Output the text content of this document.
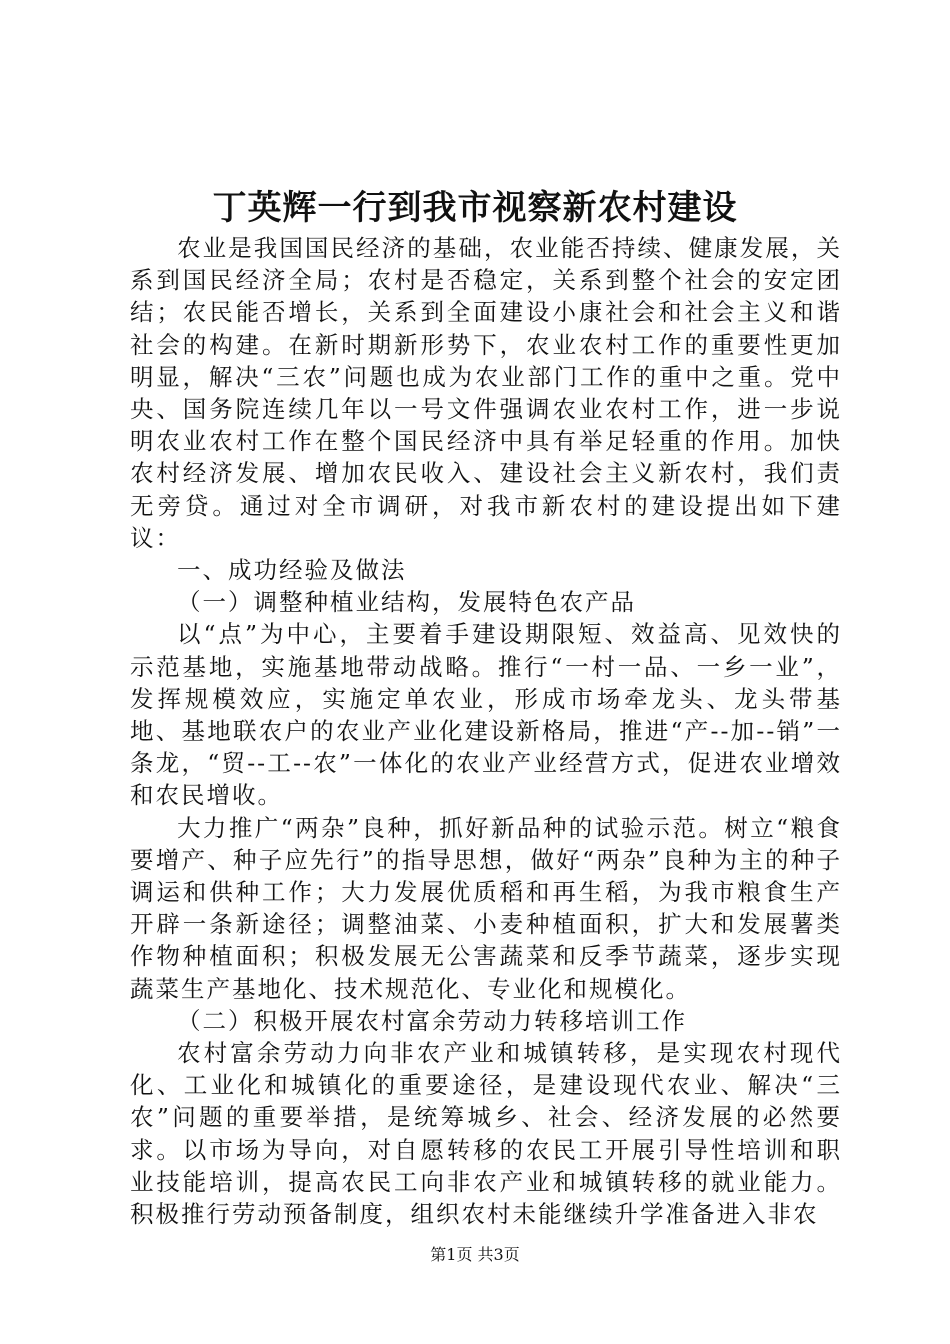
丁英辉一行到我市视察新农村建设

农业是我国国民经济的基础，农业能否持续、健康发展，关系到国民经济全局；农村是否稳定，关系到整个社会的安定团结；农民能否增长，关系到全面建设小康社会和社会主义和谐社会的构建。在新时期新形势下，农业农村工作的重要性更加明显，解决“三农”问题也成为农业部门工作的重中之重。党中央、国务院连续几年以一号文件强调农业农村工作，进一步说明农业农村工作在整个国民经济中具有举足轻重的作用。加快农村经济发展、增加农民收入、建设社会主义新农村，我们责无旁贷。通过对全市调研，对我市新农村的建设提出如下建议：

一、成功经验及做法

（一）调整种植业结构，发展特色农产品

以“点”为中心，主要着手建设期限短、效益高、见效快的示范基地，实施基地带动战略。推行“一村一品、一乡一业”，发挥规模效应，实施定单农业，形成市场牵龙头、龙头带基地、基地联农户的农业产业化建设新格局，推进“产--加--销”一条龙，“贸--工--农”一体化的农业产业经营方式，促进农业增效和农民增收。

大力推广“两杂”良种，抓好新品种的试验示范。树立“粮食要增产、种子应先行”的指导思想，做好“两杂”良种为主的种子调运和供种工作；大力发展优质稻和再生稻，为我市粮食生产开辟一条新途径；调整油菜、小麦种植面积，扩大和发展薯类作物种植面积；积极发展无公害蔬菜和反季节蔬菜，逐步实现蔬菜生产基地化、技术规范化、专业化和规模化。

（二）积极开展农村富余劳动力转移培训工作

农村富余劳动力向非农产业和城镇转移，是实现农村现代化、工业化和城镇化的重要途径，是建设现代农业、解决“三农”问题的重要举措，是统筹城乡、社会、经济发展的必然要求。以市场为导向，对自愿转移的农民工开展引导性培训和职业技能培训，提高农民工向非农产业和城镇转移的就业能力。积极推行劳动预备制度，组织农村未能继续升学准备进入非农

第1页 共3页
